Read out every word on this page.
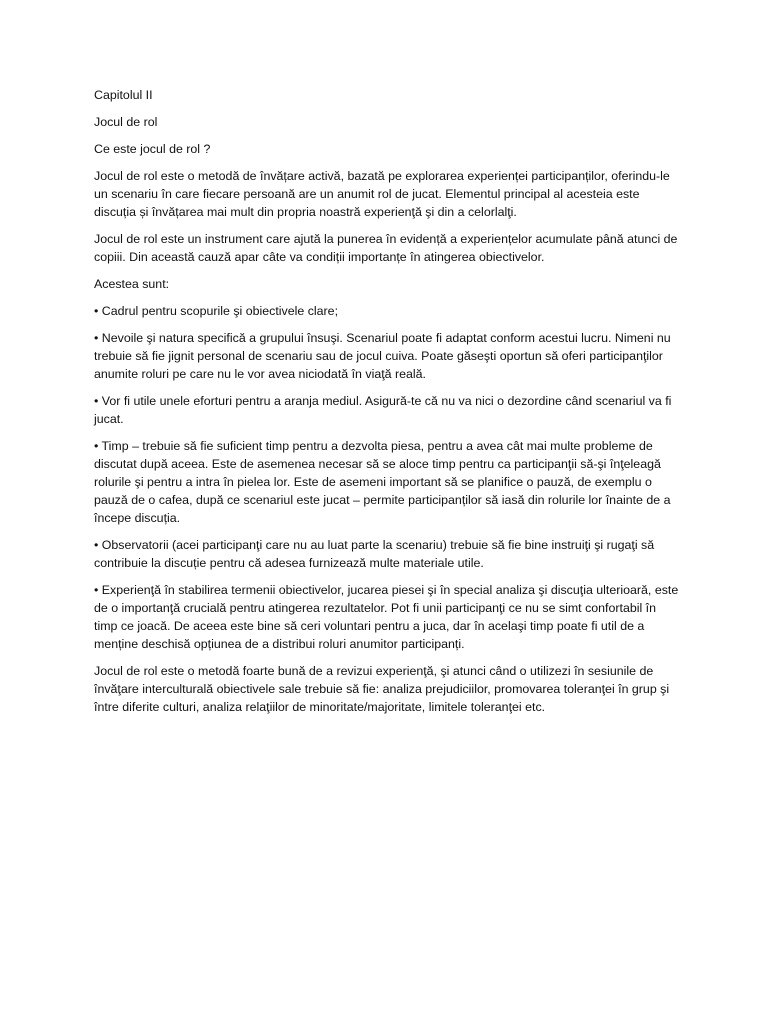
Capitolul II

Jocul de rol

Ce este jocul de rol ?

Jocul de rol este o metodă de învățare activă, bazată pe explorarea experienței participanților, oferindu-le un scenariu în care fiecare persoană are un anumit rol de jucat. Elementul principal al acesteia este discuția și învățarea mai mult din propria noastră experienţă şi din a celorlalţi.

Jocul de rol este un instrument care ajută la punerea în evidență a experiențelor acumulate până atunci de copiii. Din această cauză apar câte va condiții importanțe în atingerea obiectivelor.

Acestea sunt:

• Cadrul pentru scopurile şi obiectivele clare;

• Nevoile şi natura specifică a grupului însuşi. Scenariul poate fi adaptat conform acestui lucru. Nimeni nu trebuie să fie jignit personal de scenariu sau de jocul cuiva. Poate găseşti oportun să oferi participanţilor anumite roluri pe care nu le vor avea niciodată în viaţă reală.

• Vor fi utile unele eforturi pentru a aranja mediul. Asigură-te că nu va nici o dezordine când scenariul va fi jucat.

• Timp – trebuie să fie suficient timp pentru a dezvolta piesa, pentru a avea cât mai multe probleme de discutat după aceea. Este de asemenea necesar să se aloce timp pentru ca participanţii să-şi înţeleagă rolurile şi pentru a intra în pielea lor. Este de asemeni important să se planifice o pauză, de exemplu o pauză de o cafea, după ce scenariul este jucat – permite participanților să iasă din rolurile lor înainte de a începe discuția.

• Observatorii (acei participanţi care nu au luat parte la scenariu) trebuie să fie bine instruiţi şi rugaţi să contribuie la discuție pentru că adesea furnizează multe materiale utile.

• Experienţă în stabilirea termenii obiectivelor, jucarea piesei şi în special analiza şi discuţia ulterioară, este de o importanţă crucială pentru atingerea rezultatelor. Pot fi unii participanţi ce nu se simt confortabil în timp ce joacă. De aceea este bine să ceri voluntari pentru a juca, dar în acelaşi timp poate fi util de a menține deschisă opțiunea de a distribui roluri anumitor participanți.

Jocul de rol este o metodă foarte bună de a revizui experienţă, şi atunci când o utilizezi în sesiunile de învăţare interculturală obiectivele sale trebuie să fie: analiza prejudiciilor, promovarea toleranţei în grup şi între diferite culturi, analiza relaţiilor de minoritate/majoritate, limitele toleranţei etc.
